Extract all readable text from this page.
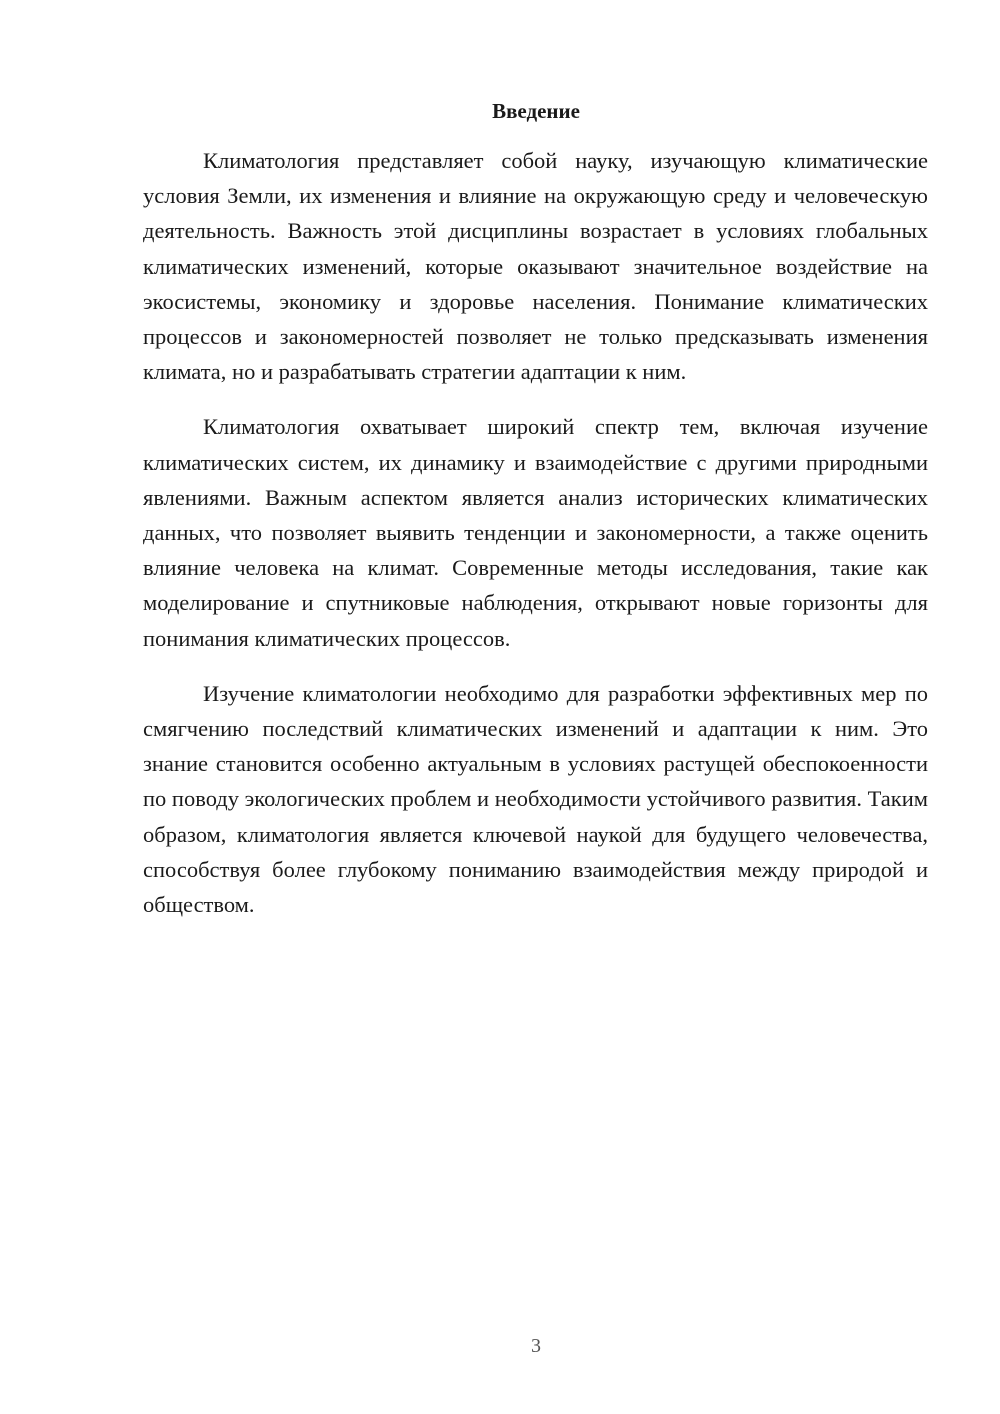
Введение

Климатология представляет собой науку, изучающую климатические условия Земли, их изменения и влияние на окружающую среду и человеческую деятельность. Важность этой дисциплины возрастает в условиях глобальных климатических изменений, которые оказывают значительное воздействие на экосистемы, экономику и здоровье населения. Понимание климатических процессов и закономерностей позволяет не только предсказывать изменения климата, но и разрабатывать стратегии адаптации к ним.

Климатология охватывает широкий спектр тем, включая изучение климатических систем, их динамику и взаимодействие с другими природными явлениями. Важным аспектом является анализ исторических климатических данных, что позволяет выявить тенденции и закономерности, а также оценить влияние человека на климат. Современные методы исследования, такие как моделирование и спутниковые наблюдения, открывают новые горизонты для понимания климатических процессов.

Изучение климатологии необходимо для разработки эффективных мер по смягчению последствий климатических изменений и адаптации к ним. Это знание становится особенно актуальным в условиях растущей обеспокоенности по поводу экологических проблем и необходимости устойчивого развития. Таким образом, климатология является ключевой наукой для будущего человечества, способствуя более глубокому пониманию взаимодействия между природой и обществом.

3
